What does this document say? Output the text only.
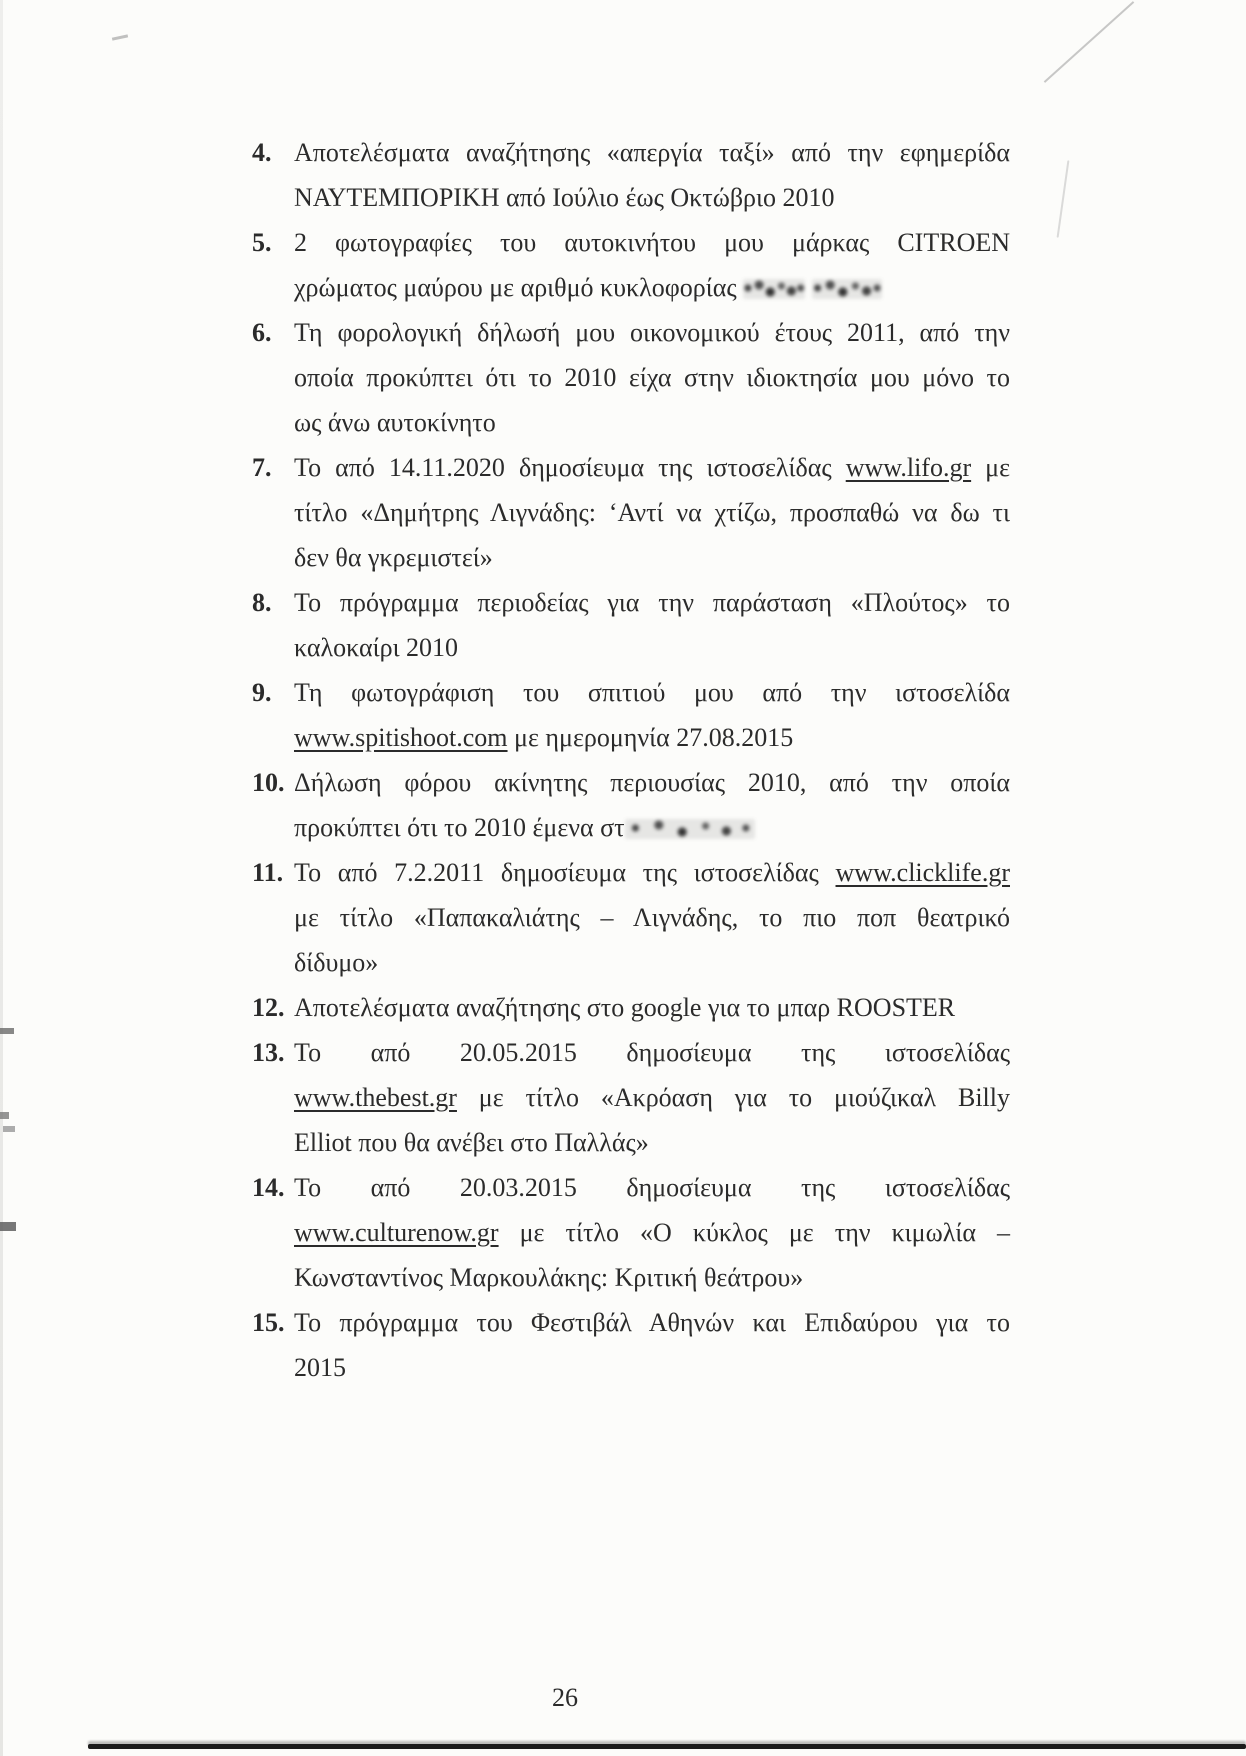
4. Αποτελέσματα αναζήτησης «απεργία ταξί» από την εφημερίδα
ΝΑΥΤΕΜΠΟΡΙΚΗ από Ιούλιο έως Οκτώβριο 2010
5. 2 φωτογραφίες του αυτοκινήτου μου μάρκας CITROEN
χρώματος μαύρου με αριθμό κυκλοφορίας
6. Τη φορολογική δήλωσή μου οικονομικού έτους 2011, από την
οποία προκύπτει ότι το 2010 είχα στην ιδιοκτησία μου μόνο το
ως άνω αυτοκίνητο
7. Το από 14.11.2020 δημοσίευμα της ιστοσελίδας www.lifo.gr με
τίτλο «Δημήτρης Λιγνάδης: ‘Αντί να χτίζω, προσπαθώ να δω τι
δεν θα γκρεμιστεί»
8. Το πρόγραμμα περιοδείας για την παράσταση «Πλούτος» το
καλοκαίρι 2010
9. Τη φωτογράφιση του σπιτιού μου από την ιστοσελίδα
www.spitishoot.com με ημερομηνία 27.08.2015
10. Δήλωση φόρου ακίνητης περιουσίας 2010, από την οποία
προκύπτει ότι το 2010 έμενα στ
11. Το από 7.2.2011 δημοσίευμα της ιστοσελίδας www.clicklife.gr
με τίτλο «Παπακαλιάτης – Λιγνάδης, το πιο ποπ θεατρικό
δίδυμο»
12. Αποτελέσματα αναζήτησης στο google για το μπαρ ROOSTER
13. Το από 20.05.2015 δημοσίευμα της ιστοσελίδας
www.thebest.gr με τίτλο «Ακρόαση για το μιούζικαλ Billy
Elliot που θα ανέβει στο Παλλάς»
14. Το από 20.03.2015 δημοσίευμα της ιστοσελίδας
www.culturenow.gr με τίτλο «Ο κύκλος με την κιμωλία –
Κωνσταντίνος Μαρκουλάκης: Κριτική θεάτρου»
15. Το πρόγραμμα του Φεστιβάλ Αθηνών και Επιδαύρου για το
2015
26
